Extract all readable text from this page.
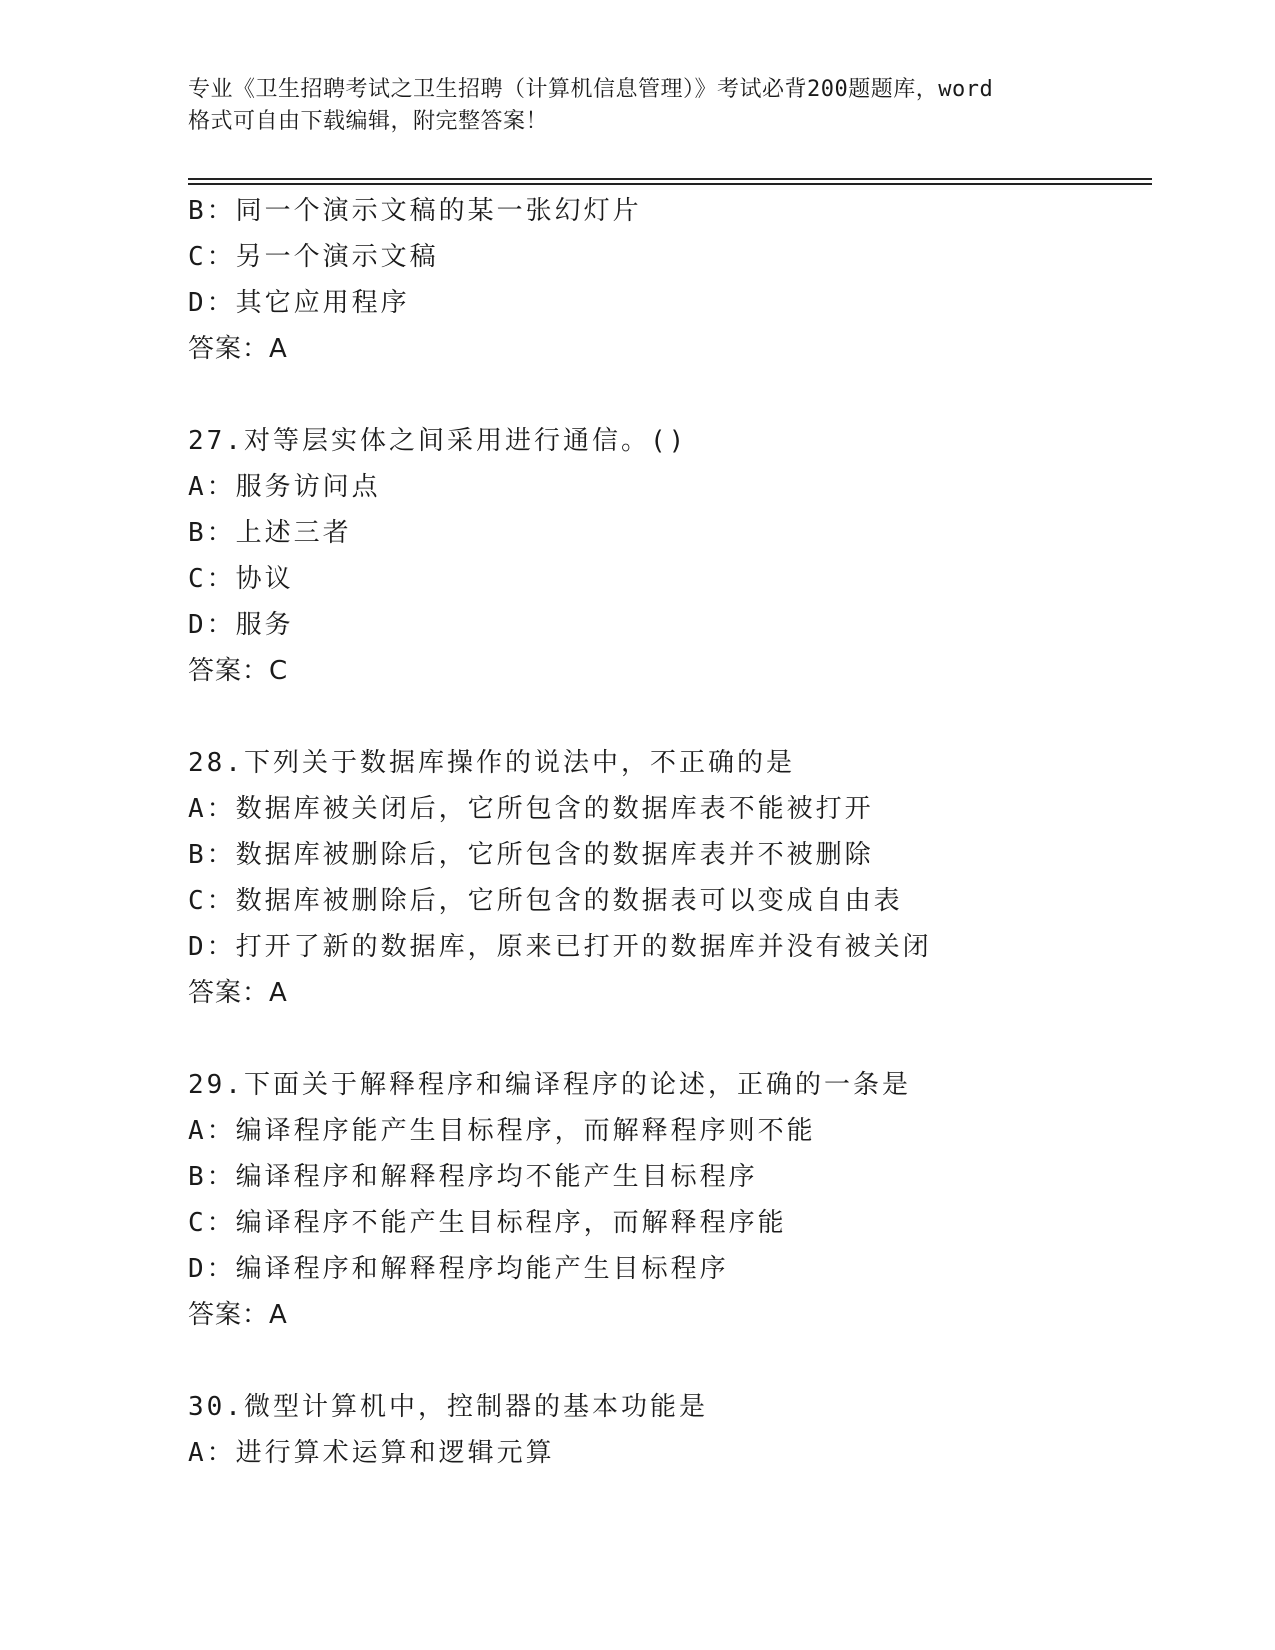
专业《卫生招聘考试之卫生招聘（计算机信息管理）》考试必背200题题库，word
格式可自由下载编辑，附完整答案！
B：同一个演示文稿的某一张幻灯片
C：另一个演示文稿
D：其它应用程序
答案：A
27.对等层实体之间采用进行通信。()
A：服务访问点
B：上述三者
C：协议
D：服务
答案：C
28.下列关于数据库操作的说法中，不正确的是
A：数据库被关闭后，它所包含的数据库表不能被打开
B：数据库被删除后，它所包含的数据库表并不被删除
C：数据库被删除后，它所包含的数据表可以变成自由表
D：打开了新的数据库，原来已打开的数据库并没有被关闭
答案：A
29.下面关于解释程序和编译程序的论述，正确的一条是
A：编译程序能产生目标程序，而解释程序则不能
B：编译程序和解释程序均不能产生目标程序
C：编译程序不能产生目标程序，而解释程序能
D：编译程序和解释程序均能产生目标程序
答案：A
30.微型计算机中，控制器的基本功能是
A：进行算术运算和逻辑元算
